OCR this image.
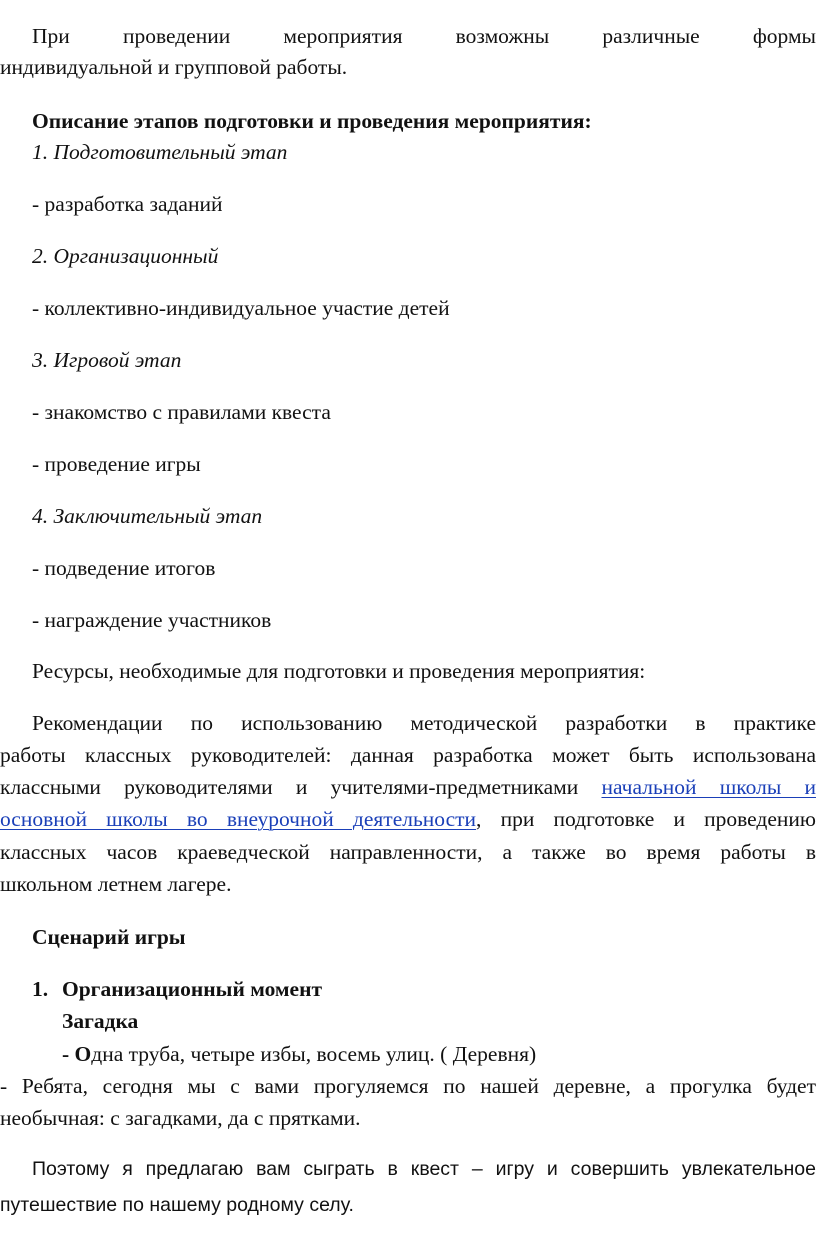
При проведении мероприятия возможны различные формы
индивидуальной и групповой работы.
Описание этапов подготовки и проведения мероприятия:
1. Подготовительный этап
- разработка заданий
2. Организационный
- коллективно-индивидуальное участие детей
3. Игровой этап
- знакомство с правилами квеста
- проведение игры
4. Заключительный этап
- подведение итогов
- награждение участников
Ресурсы, необходимые для подготовки и проведения мероприятия:
Рекомендации по использованию методической разработки в практике
работы классных руководителей: данная разработка может быть использована
классными руководителями и учителями-предметниками начальной школы и
основной школы во внеурочной деятельности, при подготовке и проведению
классных часов краеведческой направленности, а также во время работы в
школьном летнем лагере.
Сценарий игры
1. Организационный момент
Загадка
- Одна труба, четыре избы, восемь улиц. ( Деревня)
- Ребята, сегодня мы с вами прогуляемся по нашей деревне, а прогулка будет
необычная: с загадками, да с прятками.
Поэтому я предлагаю вам сыграть в квест – игру и совершить увлекательное
путешествие по нашему родному селу.
